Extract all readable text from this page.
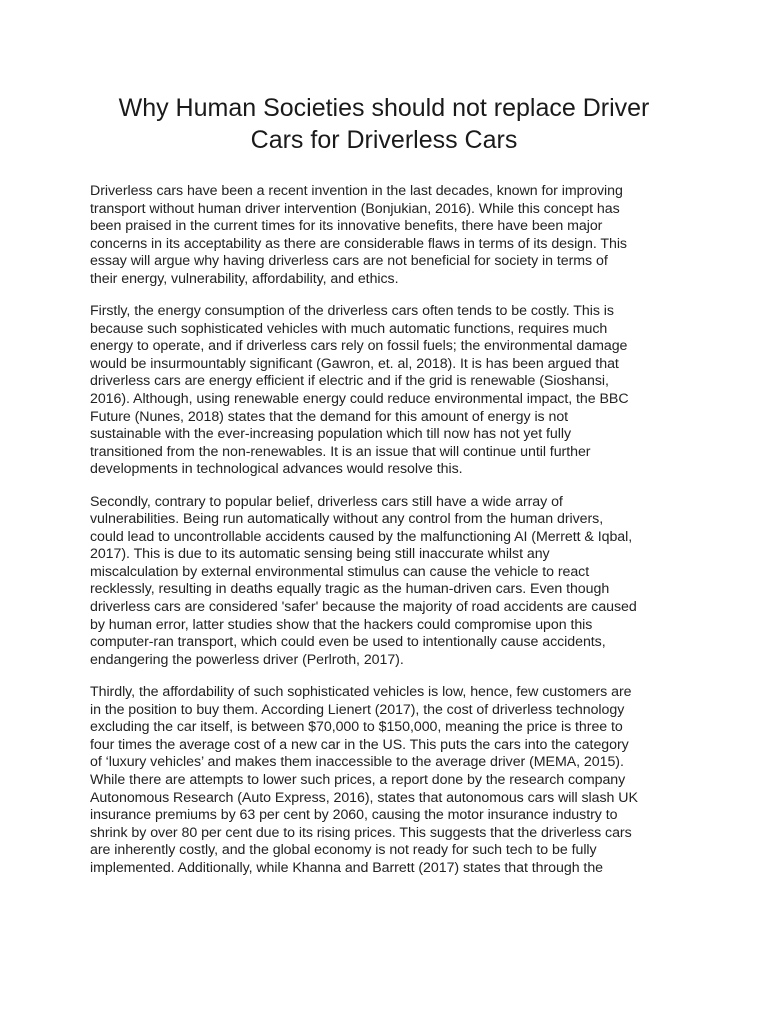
Why Human Societies should not replace Driver
Cars for Driverless Cars

Driverless cars have been a recent invention in the last decades, known for improving
transport without human driver intervention (Bonjukian, 2016). While this concept has
been praised in the current times for its innovative benefits, there have been major
concerns in its acceptability as there are considerable flaws in terms of its design. This
essay will argue why having driverless cars are not beneficial for society in terms of
their energy, vulnerability, affordability, and ethics.

Firstly, the energy consumption of the driverless cars often tends to be costly. This is
because such sophisticated vehicles with much automatic functions, requires much
energy to operate, and if driverless cars rely on fossil fuels; the environmental damage
would be insurmountably significant (Gawron, et. al, 2018). It is has been argued that
driverless cars are energy efficient if electric and if the grid is renewable (Sioshansi,
2016). Although, using renewable energy could reduce environmental impact, the BBC
Future (Nunes, 2018) states that the demand for this amount of energy is not
sustainable with the ever-increasing population which till now has not yet fully
transitioned from the non-renewables. It is an issue that will continue until further
developments in technological advances would resolve this.

Secondly, contrary to popular belief, driverless cars still have a wide array of
vulnerabilities. Being run automatically without any control from the human drivers,
could lead to uncontrollable accidents caused by the malfunctioning AI (Merrett & Iqbal,
2017). This is due to its automatic sensing being still inaccurate whilst any
miscalculation by external environmental stimulus can cause the vehicle to react
recklessly, resulting in deaths equally tragic as the human-driven cars. Even though
driverless cars are considered 'safer' because the majority of road accidents are caused
by human error, latter studies show that the hackers could compromise upon this
computer-ran transport, which could even be used to intentionally cause accidents,
endangering the powerless driver (Perlroth, 2017).

Thirdly, the affordability of such sophisticated vehicles is low, hence, few customers are
in the position to buy them. According Lienert (2017), the cost of driverless technology
excluding the car itself, is between $70,000 to $150,000, meaning the price is three to
four times the average cost of a new car in the US. This puts the cars into the category
of ‘luxury vehicles’ and makes them inaccessible to the average driver (MEMA, 2015).
While there are attempts to lower such prices, a report done by the research company
Autonomous Research (Auto Express, 2016), states that autonomous cars will slash UK
insurance premiums by 63 per cent by 2060, causing the motor insurance industry to
shrink by over 80 per cent due to its rising prices. This suggests that the driverless cars
are inherently costly, and the global economy is not ready for such tech to be fully
implemented. Additionally, while Khanna and Barrett (2017) states that through the
